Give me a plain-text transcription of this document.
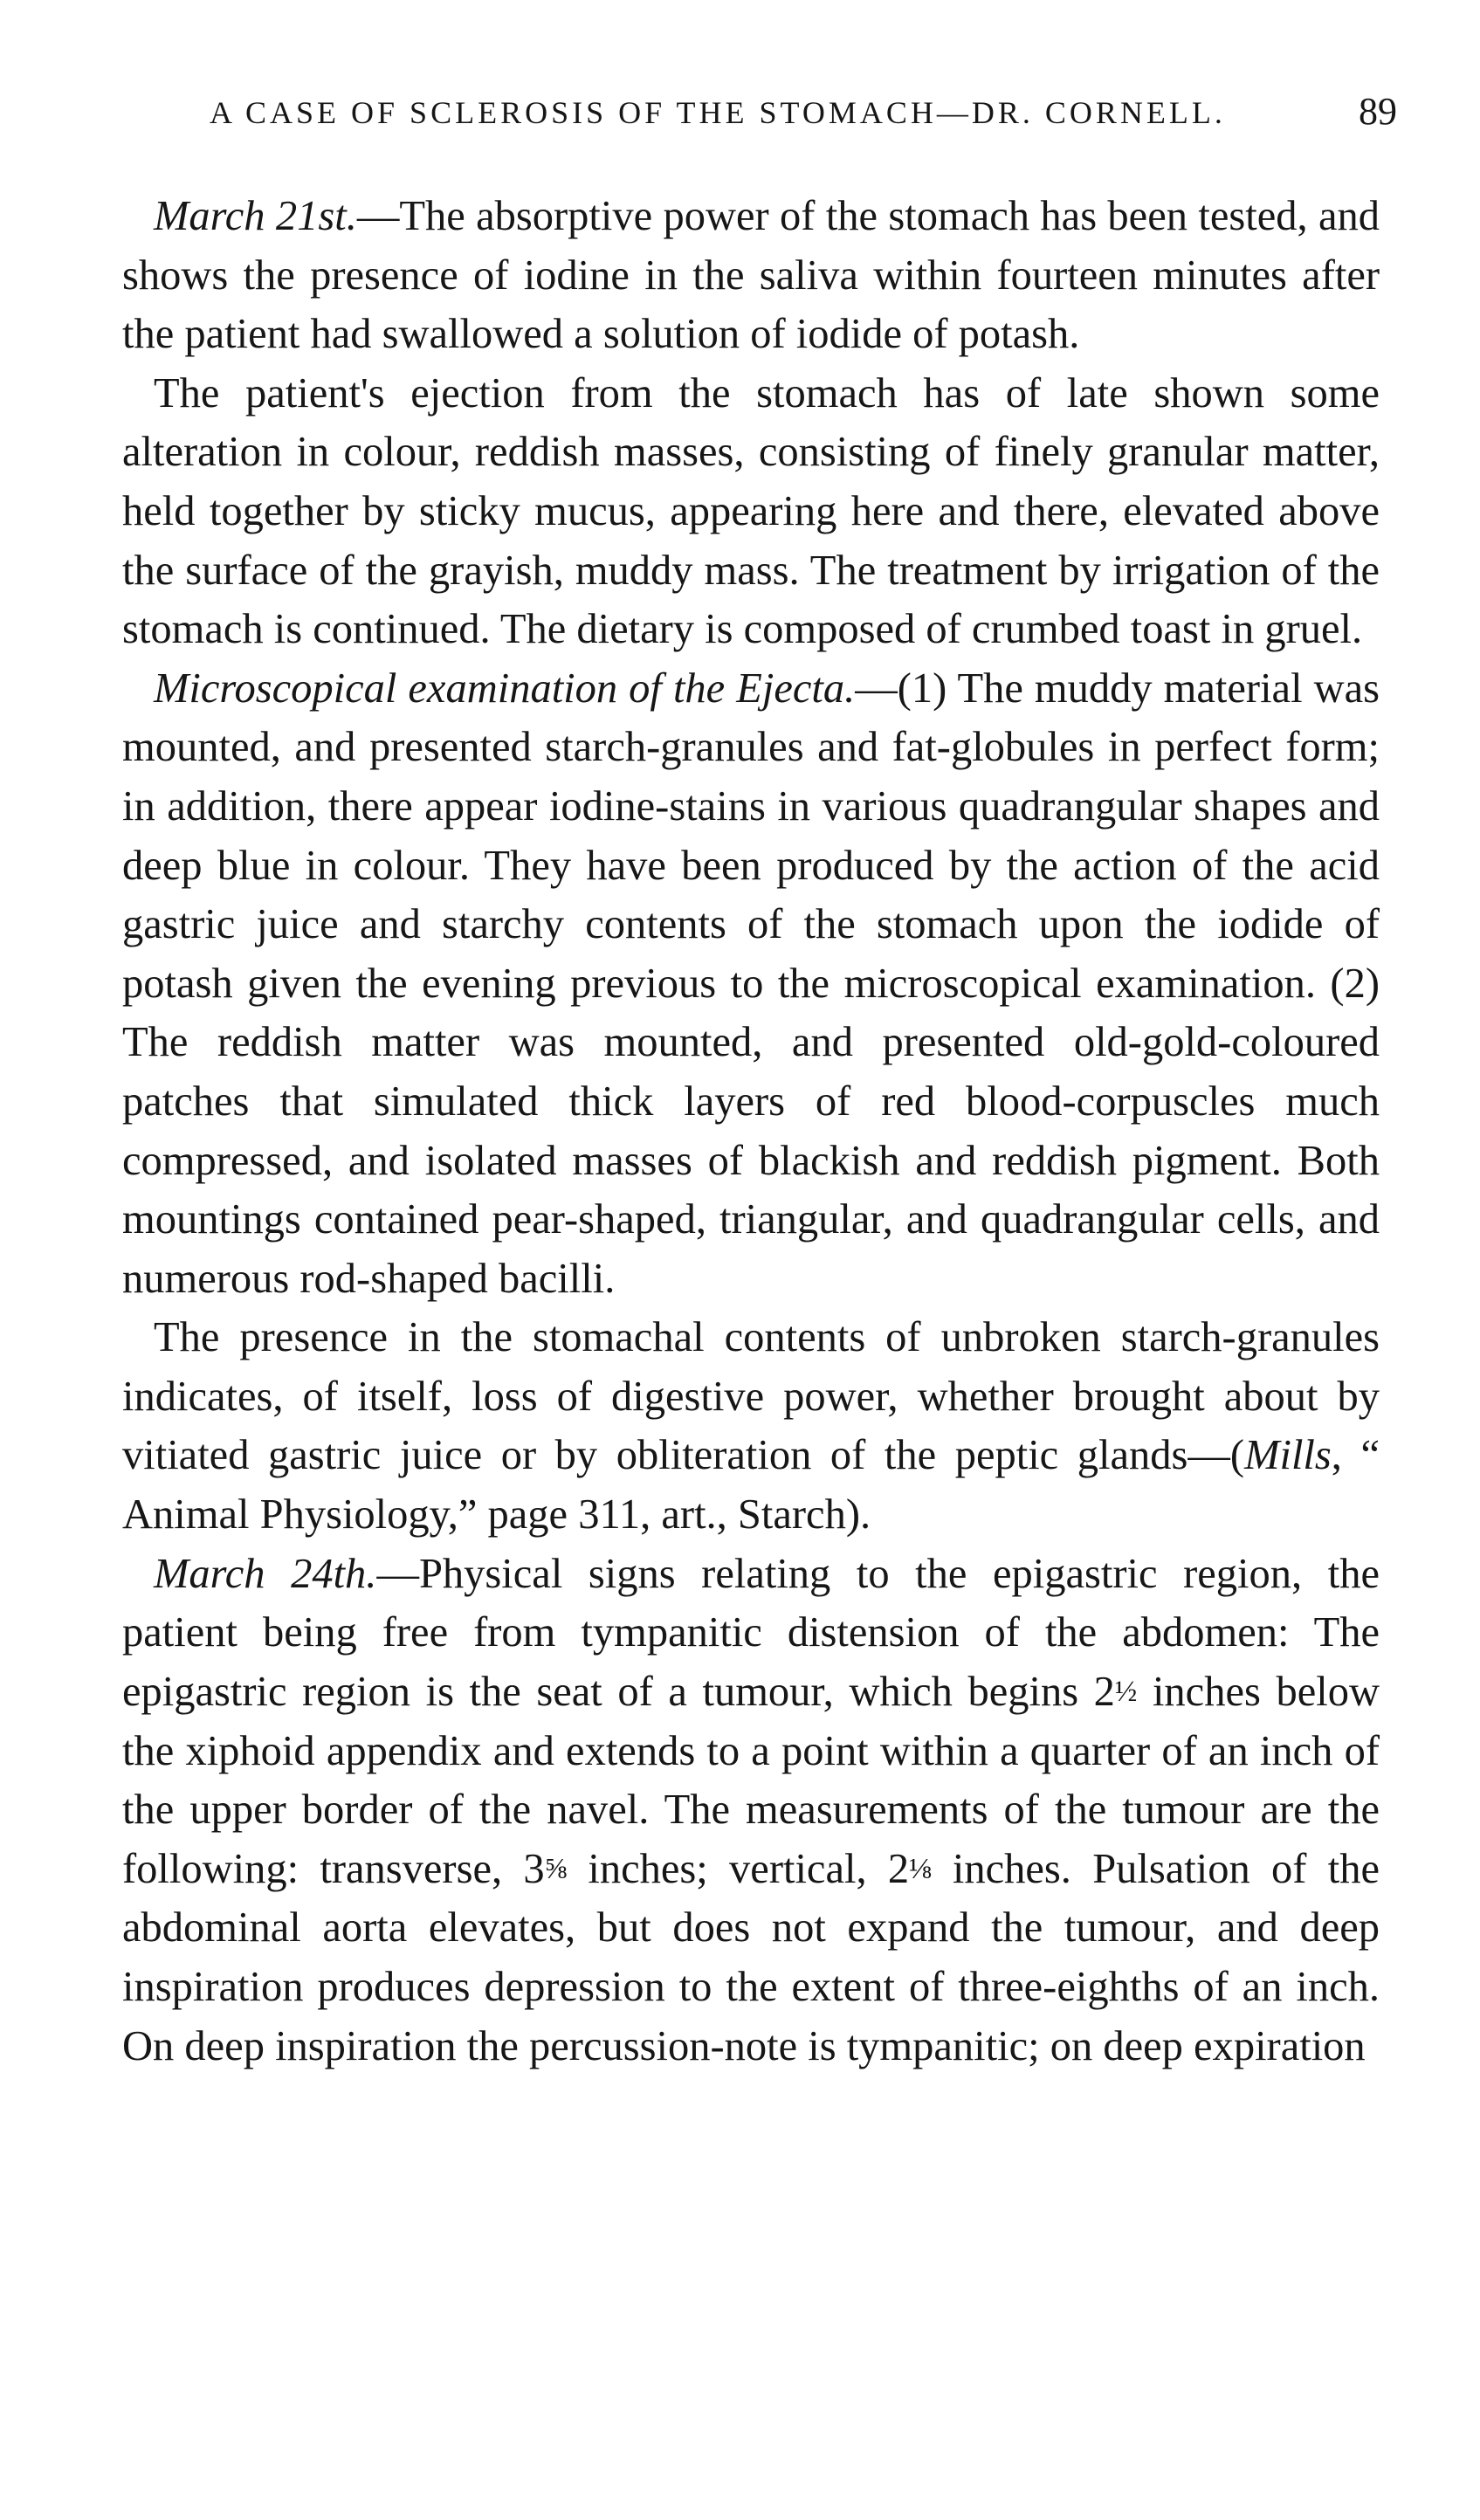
A CASE OF SCLEROSIS OF THE STOMACH—DR. CORNELL.	89

March 21st.—The absorptive power of the stomach has been tested, and shows the presence of iodine in the saliva within fourteen minutes after the patient had swallowed a solution of iodide of potash.

The patient's ejection from the stomach has of late shown some alteration in colour, reddish masses, consisting of finely granular matter, held together by sticky mucus, appearing here and there, elevated above the surface of the grayish, muddy mass. The treatment by irrigation of the stomach is continued. The dietary is composed of crumbed toast in gruel.

Microscopical examination of the Ejecta.—(1) The muddy material was mounted, and presented starch-granules and fat-globules in perfect form; in addition, there appear iodine-stains in various quadrangular shapes and deep blue in colour. They have been produced by the action of the acid gastric juice and starchy contents of the stomach upon the iodide of potash given the evening previous to the microscopical examination. (2) The reddish matter was mounted, and presented old-gold-coloured patches that simulated thick layers of red blood-corpuscles much compressed, and isolated masses of blackish and reddish pigment. Both mountings contained pear-shaped, triangular, and quadrangular cells, and numerous rod-shaped bacilli.

The presence in the stomachal contents of unbroken starch-granules indicates, of itself, loss of digestive power, whether brought about by vitiated gastric juice or by obliteration of the peptic glands—(Mills, “ Animal Physiology,” page 311, art., Starch).

March 24th.—Physical signs relating to the epigastric region, the patient being free from tympanitic distension of the abdomen: The epigastric region is the seat of a tumour, which begins 2½ inches below the xiphoid appendix and extends to a point within a quarter of an inch of the upper border of the navel. The measurements of the tumour are the following: transverse, 3⅝ inches; vertical, 2⅛ inches. Pulsation of the abdominal aorta elevates, but does not expand the tumour, and deep inspiration produces depression to the extent of three-eighths of an inch. On deep inspiration the percussion-note is tympanitic; on deep expiration
